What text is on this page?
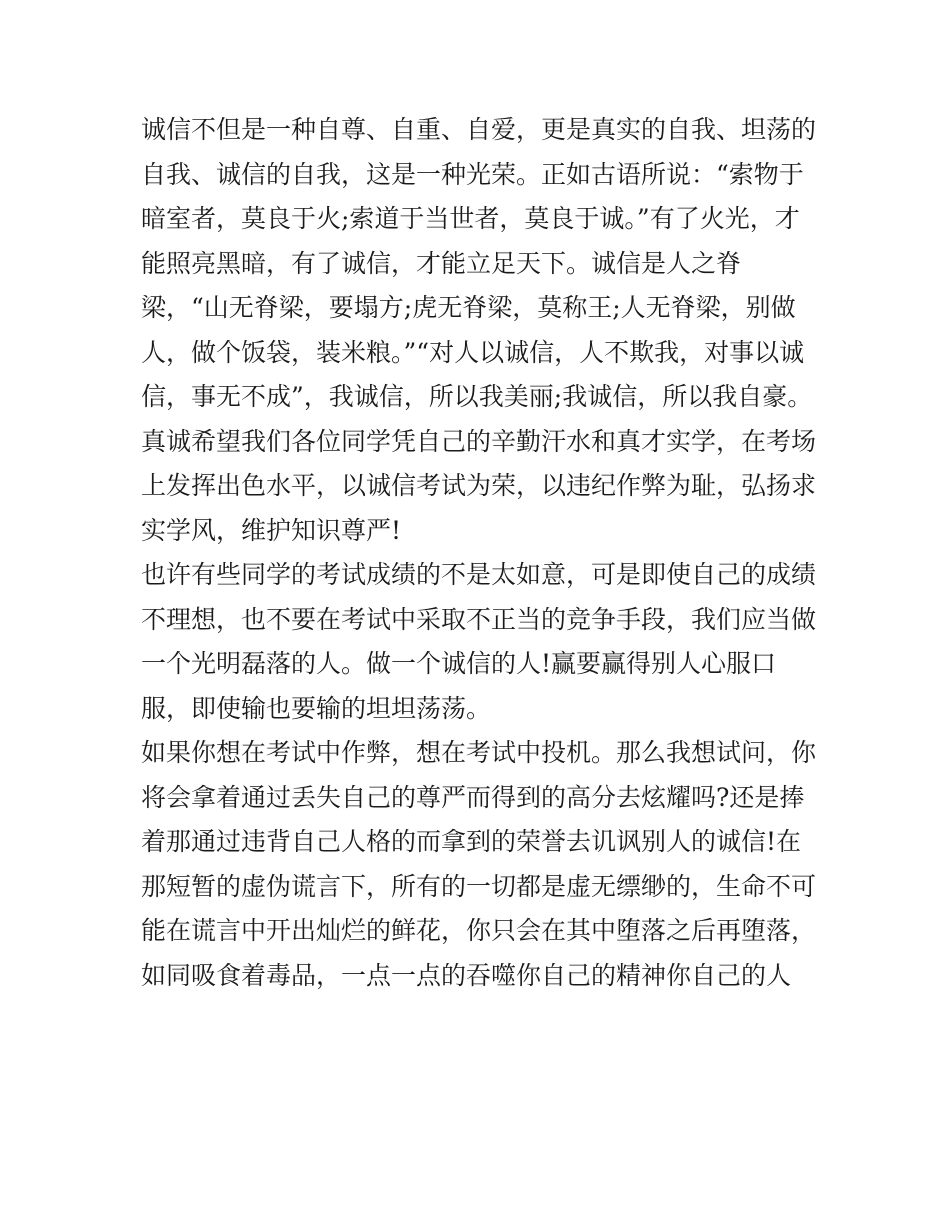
诚信不但是一种自尊、自重、自爱，更是真实的自我、坦荡的
自我、诚信的自我，这是一种光荣。正如古语所说：“索物于
暗室者，莫良于火;索道于当世者，莫良于诚。”有了火光，才
能照亮黑暗，有了诚信，才能立足天下。诚信是人之脊
梁，“山无脊梁，要塌方;虎无脊梁，莫称王;人无脊梁，别做
人，做个饭袋，装米粮。”“对人以诚信，人不欺我，对事以诚
信，事无不成”，我诚信，所以我美丽;我诚信，所以我自豪。
真诚希望我们各位同学凭自己的辛勤汗水和真才实学，在考场
上发挥出色水平，以诚信考试为荣，以违纪作弊为耻，弘扬求
实学风，维护知识尊严!
也许有些同学的考试成绩的不是太如意，可是即使自己的成绩
不理想，也不要在考试中采取不正当的竞争手段，我们应当做
一个光明磊落的人。做一个诚信的人!赢要赢得别人心服口
服，即使输也要输的坦坦荡荡。
如果你想在考试中作弊，想在考试中投机。那么我想试问，你
将会拿着通过丢失自己的尊严而得到的高分去炫耀吗?还是捧
着那通过违背自己人格的而拿到的荣誉去讥讽别人的诚信!在
那短暂的虚伪谎言下，所有的一切都是虚无缥缈的，生命不可
能在谎言中开出灿烂的鲜花，你只会在其中堕落之后再堕落，
如同吸食着毒品，一点一点的吞噬你自己的精神你自己的人
